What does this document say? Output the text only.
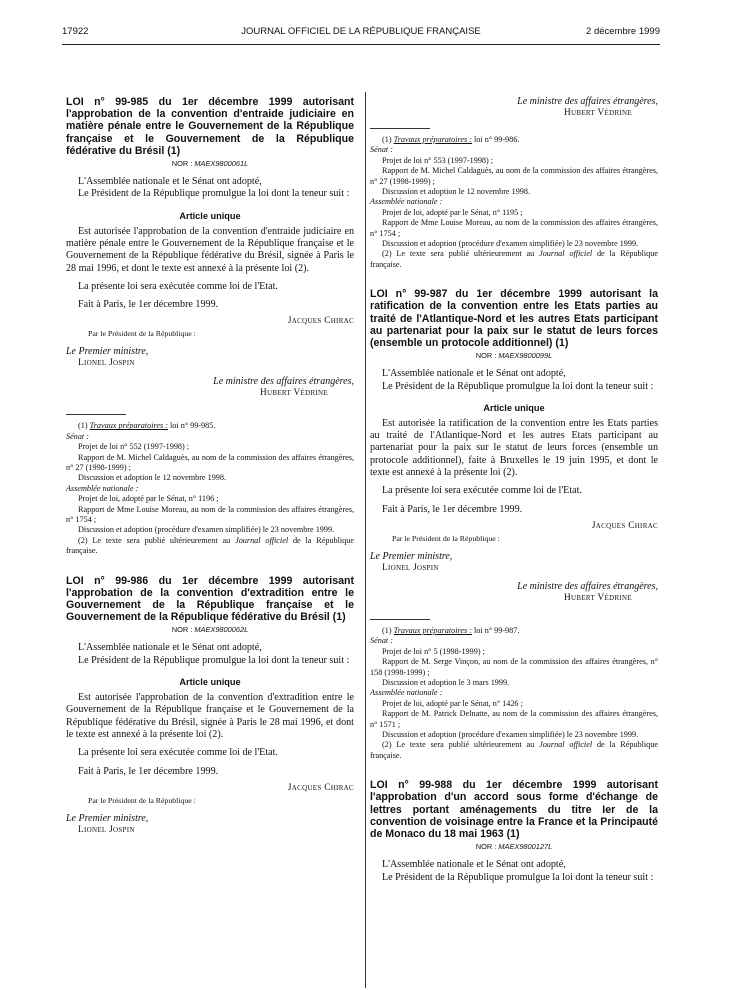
17922	JOURNAL OFFICIEL DE LA RÉPUBLIQUE FRANÇAISE	2 décembre 1999

LOI n° 99-985 du 1er décembre 1999 autorisant l'approbation de la convention d'entraide judiciaire en matière pénale entre le Gouvernement de la République française et le Gouvernement de la République fédérative du Brésil (1)

NOR : MAEX9800061L

L'Assemblée nationale et le Sénat ont adopté,

Le Président de la République promulgue la loi dont la teneur suit :

Article unique

Est autorisée l'approbation de la convention d'entraide judiciaire en matière pénale entre le Gouvernement de la République française et le Gouvernement de la République fédérative du Brésil, signée à Paris le 28 mai 1996, et dont le texte est annexé à la présente loi (2).

La présente loi sera exécutée comme loi de l'Etat.

Fait à Paris, le 1er décembre 1999.

Jacques Chirac

Par le Président de la République :

Le Premier ministre,

Lionel Jospin

Le ministre des affaires étrangères,

Hubert Védrine

(1) Travaux préparatoires : loi n° 99-985.

Sénat :

Projet de loi n° 552 (1997-1998) ;

Rapport de M. Michel Caldaguès, au nom de la commission des affaires étrangères, n° 27 (1998-1999) ;

Discussion et adoption le 12 novembre 1998.

Assemblée nationale :

Projet de loi, adopté par le Sénat, n° 1196 ;

Rapport de Mme Louise Moreau, au nom de la commission des affaires étrangères, n° 1754 ;

Discussion et adoption (procédure d'examen simplifiée) le 23 novembre 1999.

(2) Le texte sera publié ultérieurement au Journal officiel de la République française.

LOI n° 99-986 du 1er décembre 1999 autorisant l'approbation de la convention d'extradition entre le Gouvernement de la République française et le Gouvernement de la République fédérative du Brésil (1)

NOR : MAEX9800062L

L'Assemblée nationale et le Sénat ont adopté,

Le Président de la République promulgue la loi dont la teneur suit :

Article unique

Est autorisée l'approbation de la convention d'extradition entre le Gouvernement de la République française et le Gouvernement de la République fédérative du Brésil, signée à Paris le 28 mai 1996, et dont le texte est annexé à la présente loi (2).

La présente loi sera exécutée comme loi de l'Etat.

Fait à Paris, le 1er décembre 1999.

Jacques Chirac

Par le Président de la République :

Le Premier ministre,

Lionel Jospin

Le ministre des affaires étrangères,

Hubert Védrine

(1) Travaux préparatoires : loi n° 99-986.

Sénat :

Projet de loi n° 553 (1997-1998) ;

Rapport de M. Michel Caldaguès, au nom de la commission des affaires étrangères, n° 27 (1998-1999) ;

Discussion et adoption le 12 novembre 1998.

Assemblée nationale :

Projet de loi, adopté par le Sénat, n° 1195 ;

Rapport de Mme Louise Moreau, au nom de la commission des affaires étrangères, n° 1754 ;

Discussion et adoption (procédure d'examen simplifiée) le 23 novembre 1999.

(2) Le texte sera publié ultérieurement au Journal officiel de la République française.

LOI n° 99-987 du 1er décembre 1999 autorisant la ratification de la convention entre les Etats parties au traité de l'Atlantique-Nord et les autres Etats participant au partenariat pour la paix sur le statut de leurs forces (ensemble un protocole additionnel) (1)

NOR : MAEX9800099L

L'Assemblée nationale et le Sénat ont adopté,

Le Président de la République promulgue la loi dont la teneur suit :

Article unique

Est autorisée la ratification de la convention entre les Etats parties au traité de l'Atlantique-Nord et les autres Etats participant au partenariat pour la paix sur le statut de leurs forces (ensemble un protocole additionnel), faite à Bruxelles le 19 juin 1995, et dont le texte est annexé à la présente loi (2).

La présente loi sera exécutée comme loi de l'Etat.

Fait à Paris, le 1er décembre 1999.

Jacques Chirac

Par le Président de la République :

Le Premier ministre,

Lionel Jospin

Le ministre des affaires étrangères,

Hubert Védrine

(1) Travaux préparatoires : loi n° 99-987.

Sénat :

Projet de loi n° 5 (1998-1999) ;

Rapport de M. Serge Vinçon, au nom de la commission des affaires étrangères, n° 158 (1998-1999) ;

Discussion et adoption le 3 mars 1999.

Assemblée nationale :

Projet de loi, adopté par le Sénat, n° 1426 ;

Rapport de M. Patrick Delnatte, au nom de la commission des affaires étrangères, n° 1571 ;

Discussion et adoption (procédure d'examen simplifiée) le 23 novembre 1999.

(2) Le texte sera publié ultérieurement au Journal officiel de la République française.

LOI n° 99-988 du 1er décembre 1999 autorisant l'approbation d'un accord sous forme d'échange de lettres portant aménagements du titre Ier de la convention de voisinage entre la France et la Principauté de Monaco du 18 mai 1963 (1)

NOR : MAEX9800127L

L'Assemblée nationale et le Sénat ont adopté,

Le Président de la République promulgue la loi dont la teneur suit :
